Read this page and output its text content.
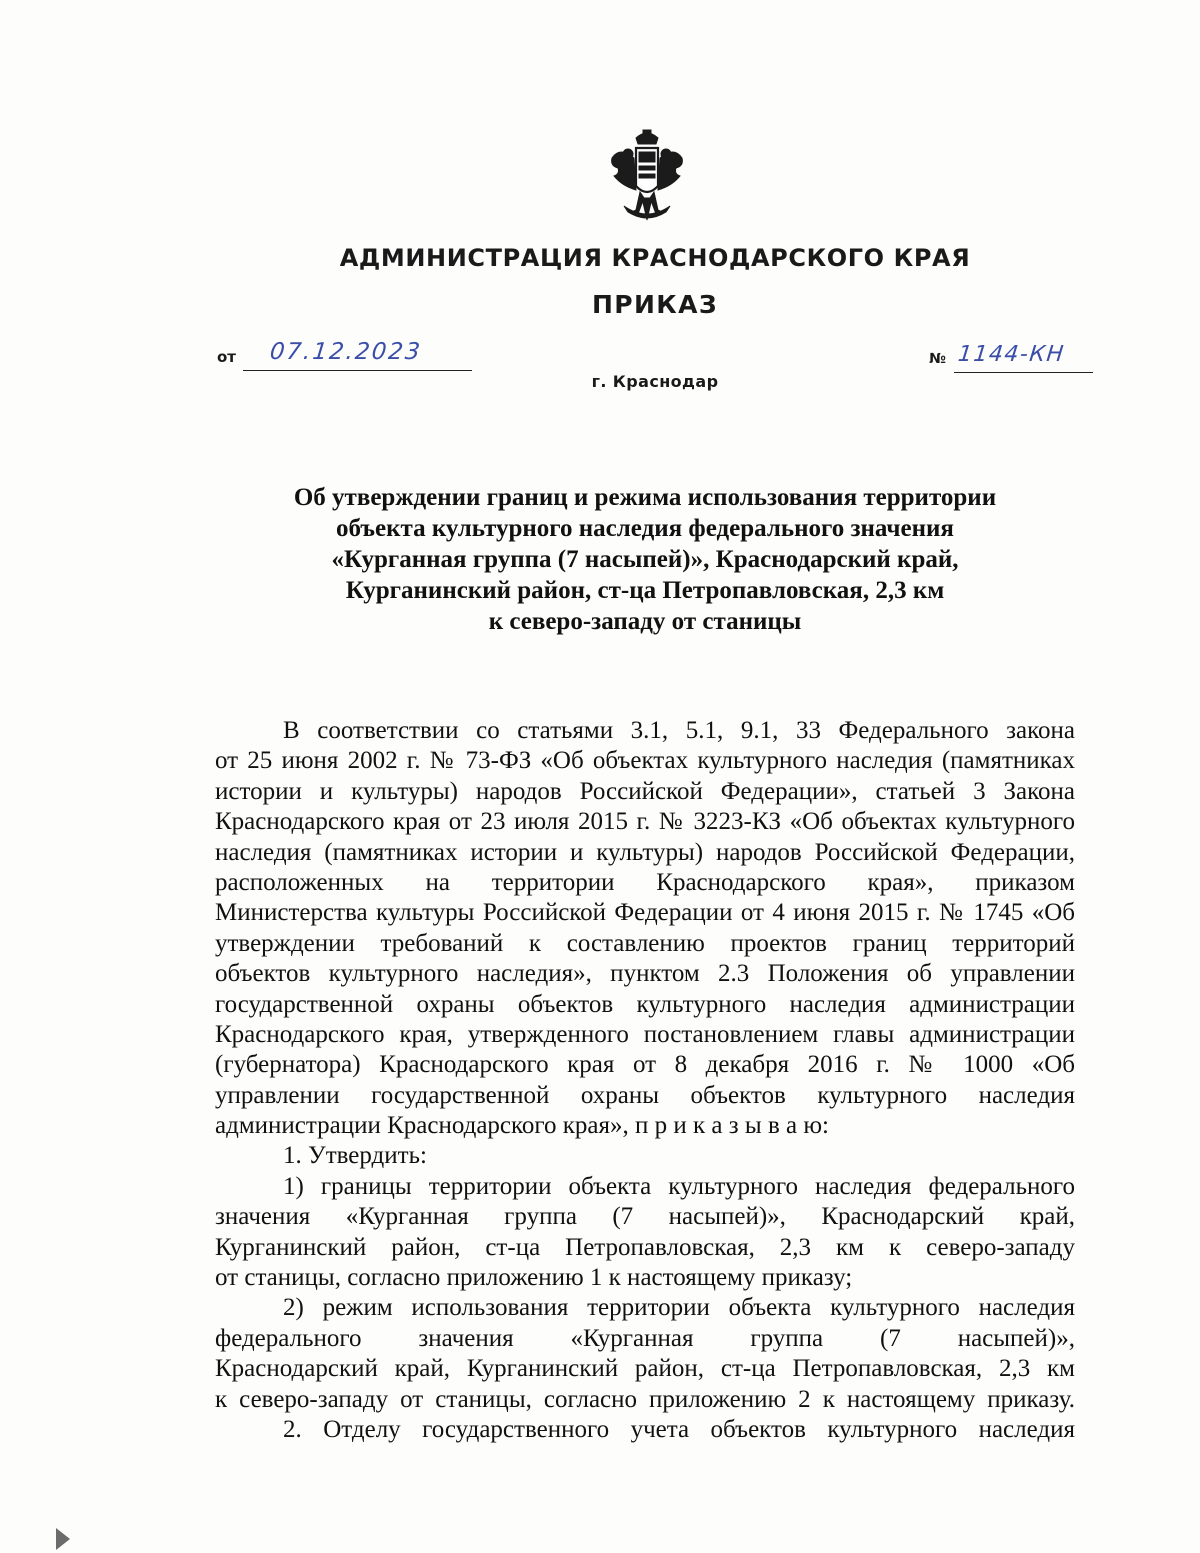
АДМИНИСТРАЦИЯ КРАСНОДАРСКОГО КРАЯ
ПРИКАЗ
от 07.12.2023	№ 1144-КН
г. Краснодар
Об утверждении границ и режима использования территории
объекта культурного наследия федерального значения
«Курганная группа (7 насыпей)», Краснодарский край,
Курганинский район, ст-ца Петропавловская, 2,3 км
к северо-западу от станицы
В соответствии со статьями 3.1, 5.1, 9.1, 33 Федерального закона
от 25 июня 2002 г. № 73-ФЗ «Об объектах культурного наследия (памятниках
истории и культуры) народов Российской Федерации», статьей 3 Закона
Краснодарского края от 23 июля 2015 г. № 3223-КЗ «Об объектах культурного
наследия (памятниках истории и культуры) народов Российской Федерации,
расположенных на территории Краснодарского края», приказом
Министерства культуры Российской Федерации от 4 июня 2015 г. № 1745 «Об
утверждении требований к составлению проектов границ территорий
объектов культурного наследия», пунктом 2.3 Положения об управлении
государственной охраны объектов культурного наследия администрации
Краснодарского края, утвержденного постановлением главы администрации
(губернатора) Краснодарского края от 8 декабря 2016 г. № 1000 «Об
управлении государственной охраны объектов культурного наследия
администрации Краснодарского края», п р и к а з ы в а ю:
1. Утвердить:
1) границы территории объекта культурного наследия федерального
значения «Курганная группа (7 насыпей)», Краснодарский край,
Курганинский район, ст-ца Петропавловская, 2,3 км к северо-западу
от станицы, согласно приложению 1 к настоящему приказу;
2) режим использования территории объекта культурного наследия
федерального значения «Курганная группа (7 насыпей)»,
Краснодарский край, Курганинский район, ст-ца Петропавловская, 2,3 км
к северо-западу от станицы, согласно приложению 2 к настоящему приказу.
2. Отделу государственного учета объектов культурного наследия
